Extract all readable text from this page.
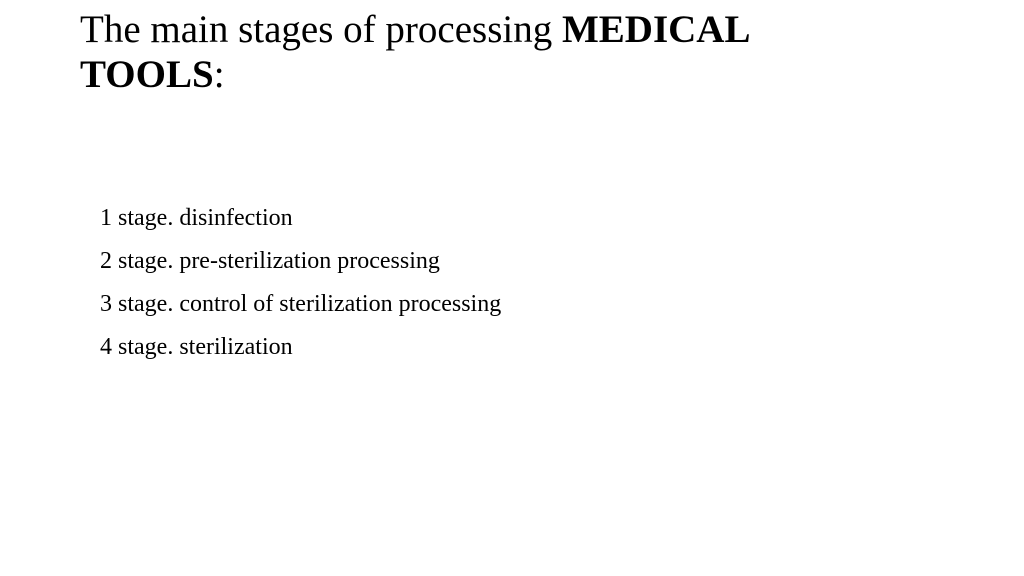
The main stages of processing MEDICAL
TOOLS:
1 stage. disinfection
2 stage. pre-sterilization processing
3 stage. control of sterilization processing
4 stage. sterilization
